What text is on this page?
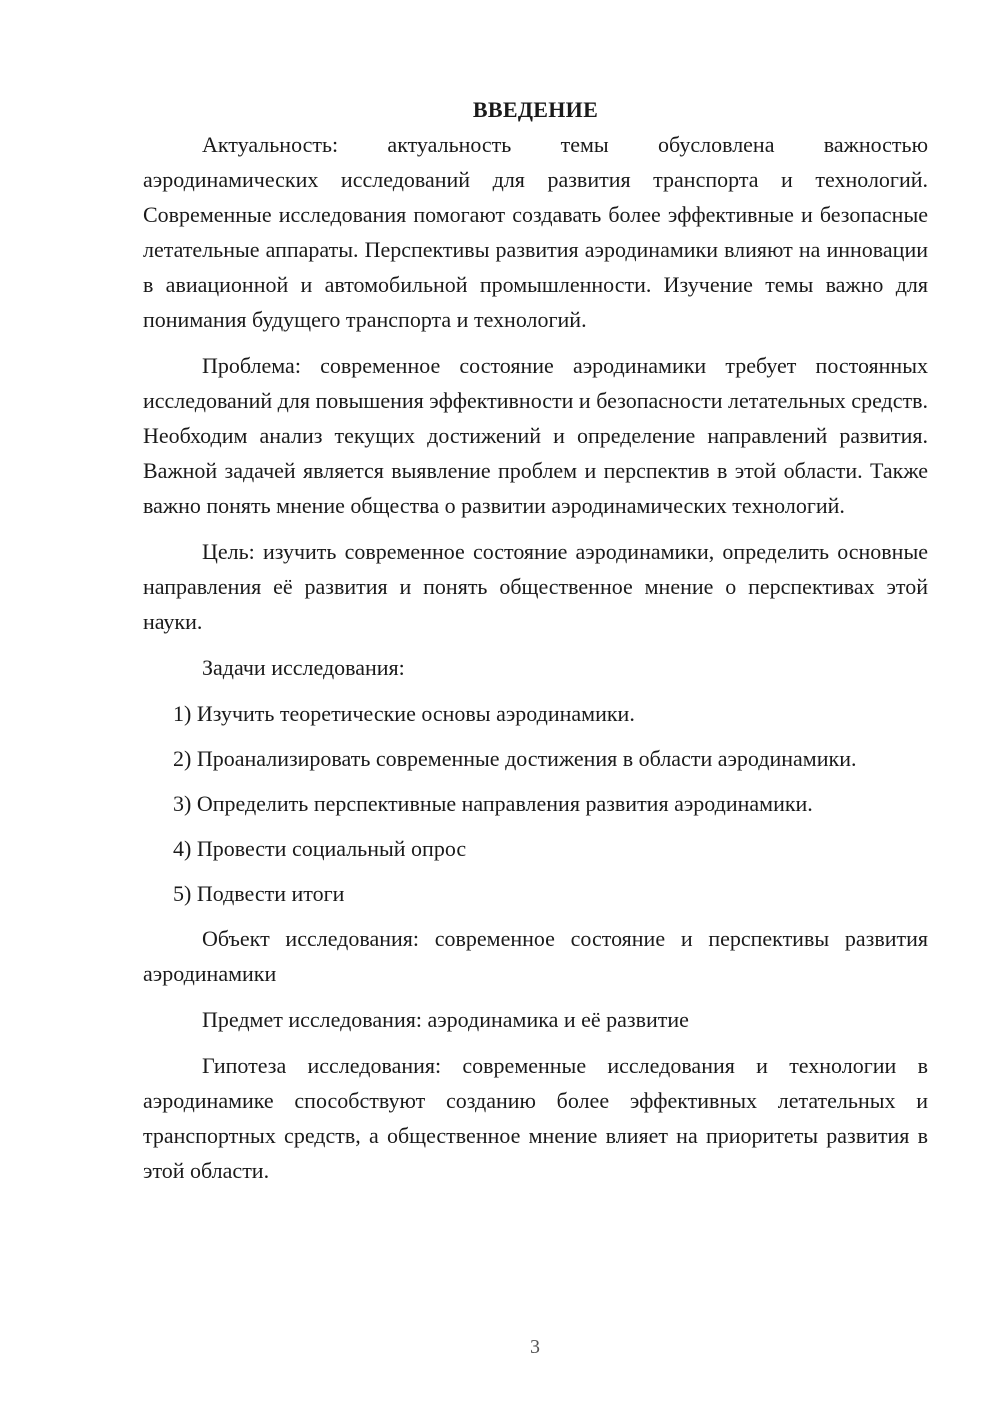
ВВЕДЕНИЕ

Актуальность: актуальность темы обусловлена важностью аэродинамических исследований для развития транспорта и технологий. Современные исследования помогают создавать более эффективные и безопасные летательные аппараты. Перспективы развития аэродинамики влияют на инновации в авиационной и автомобильной промышленности. Изучение темы важно для понимания будущего транспорта и технологий.

Проблема: современное состояние аэродинамики требует постоянных исследований для повышения эффективности и безопасности летательных средств. Необходим анализ текущих достижений и определение направлений развития. Важной задачей является выявление проблем и перспектив в этой области. Также важно понять мнение общества о развитии аэродинамических технологий.

Цель: изучить современное состояние аэродинамики, определить основные направления её развития и понять общественное мнение о перспективах этой науки.

Задачи исследования:

1) Изучить теоретические основы аэродинамики.

2) Проанализировать современные достижения в области аэродинамики.

3) Определить перспективные направления развития аэродинамики.

4) Провести социальный опрос

5) Подвести итоги

Объект исследования: современное состояние и перспективы развития аэродинамики

Предмет исследования: аэродинамика и её развитие

Гипотеза исследования: современные исследования и технологии в аэродинамике способствуют созданию более эффективных летательных и транспортных средств, а общественное мнение влияет на приоритеты развития в этой области.

3
